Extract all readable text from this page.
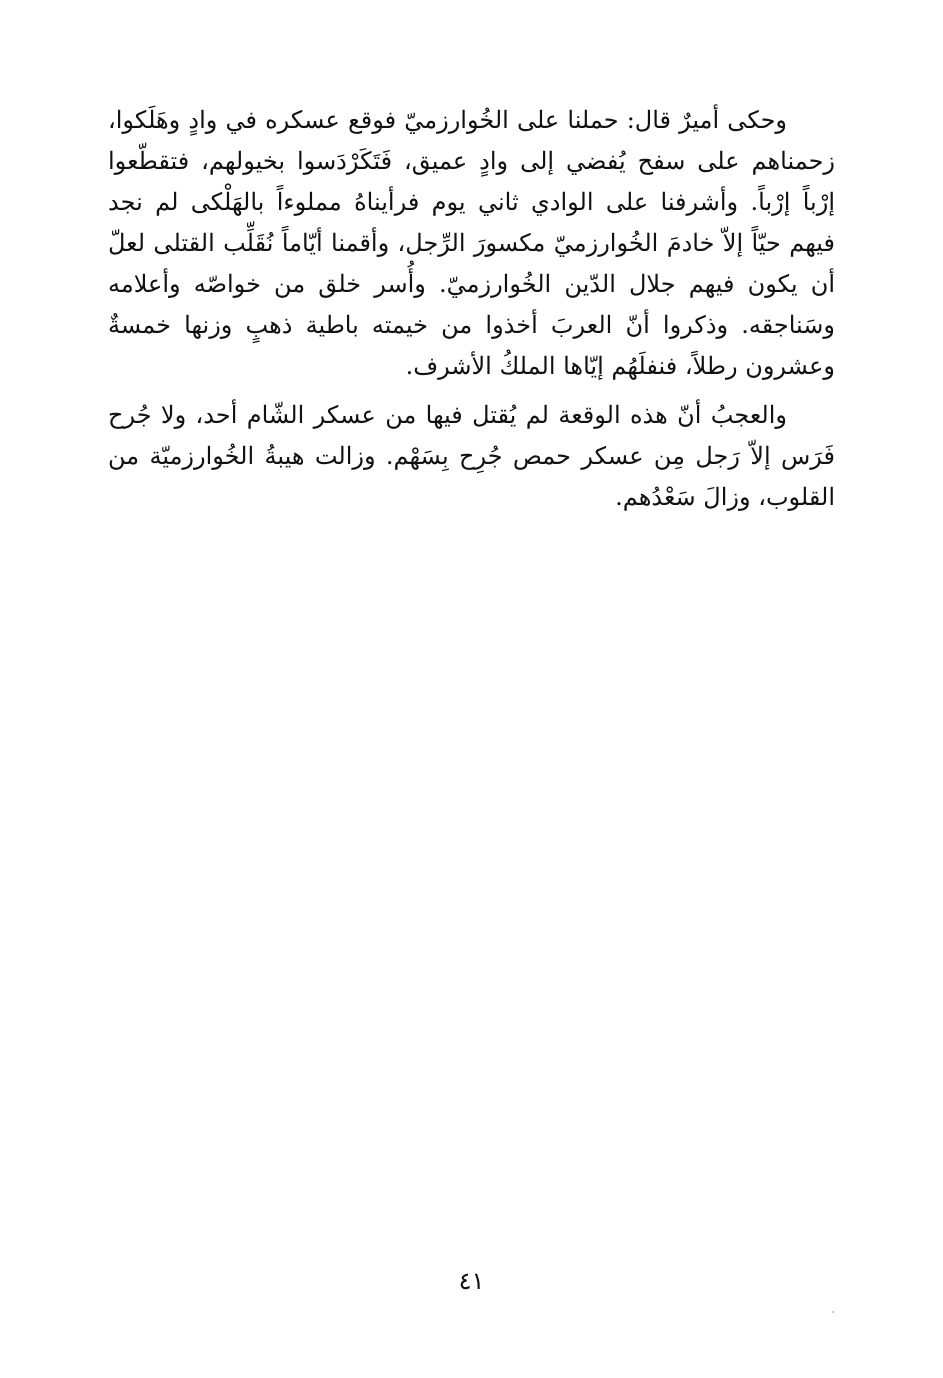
وحكى أميرٌ قال: حملنا على الخُوارزميّ فوقع عسكره في وادٍ وهَلَكوا، زحمناهم على سفح يُفضي إلى وادٍ عميق، فَتَكَرْدَسوا بخيولهم، فتقطّعوا إرْباً إرْباً. وأشرفنا على الوادي ثاني يوم فرأيناهُ مملوءاً بالهَلْكى لم نجد فيهم حيّاً إلاّ خادمَ الخُوارزميّ مكسورَ الرِّجل، وأقمنا أيّاماً نُقَلِّب القتلى لعلّ أن يكون فيهم جلال الدّين الخُوارزميّ. وأُسر خلق من خواصّه وأعلامه وسَناجقه. وذكروا أنّ العربَ أخذوا من خيمته باطية ذهبٍ وزنها خمسةٌ وعشرون رطلاً، فنفلَهُم إيّاها الملكُ الأشرف.

والعجبُ أنّ هذه الوقعة لم يُقتل فيها من عسكر الشّام أحد، ولا جُرح فَرَس إلاّ رَجل مِن عسكر حمص جُرِح بِسَهْم. وزالت هيبةُ الخُوارزميّة من القلوب، وزالَ سَعْدُهم.

٤١
